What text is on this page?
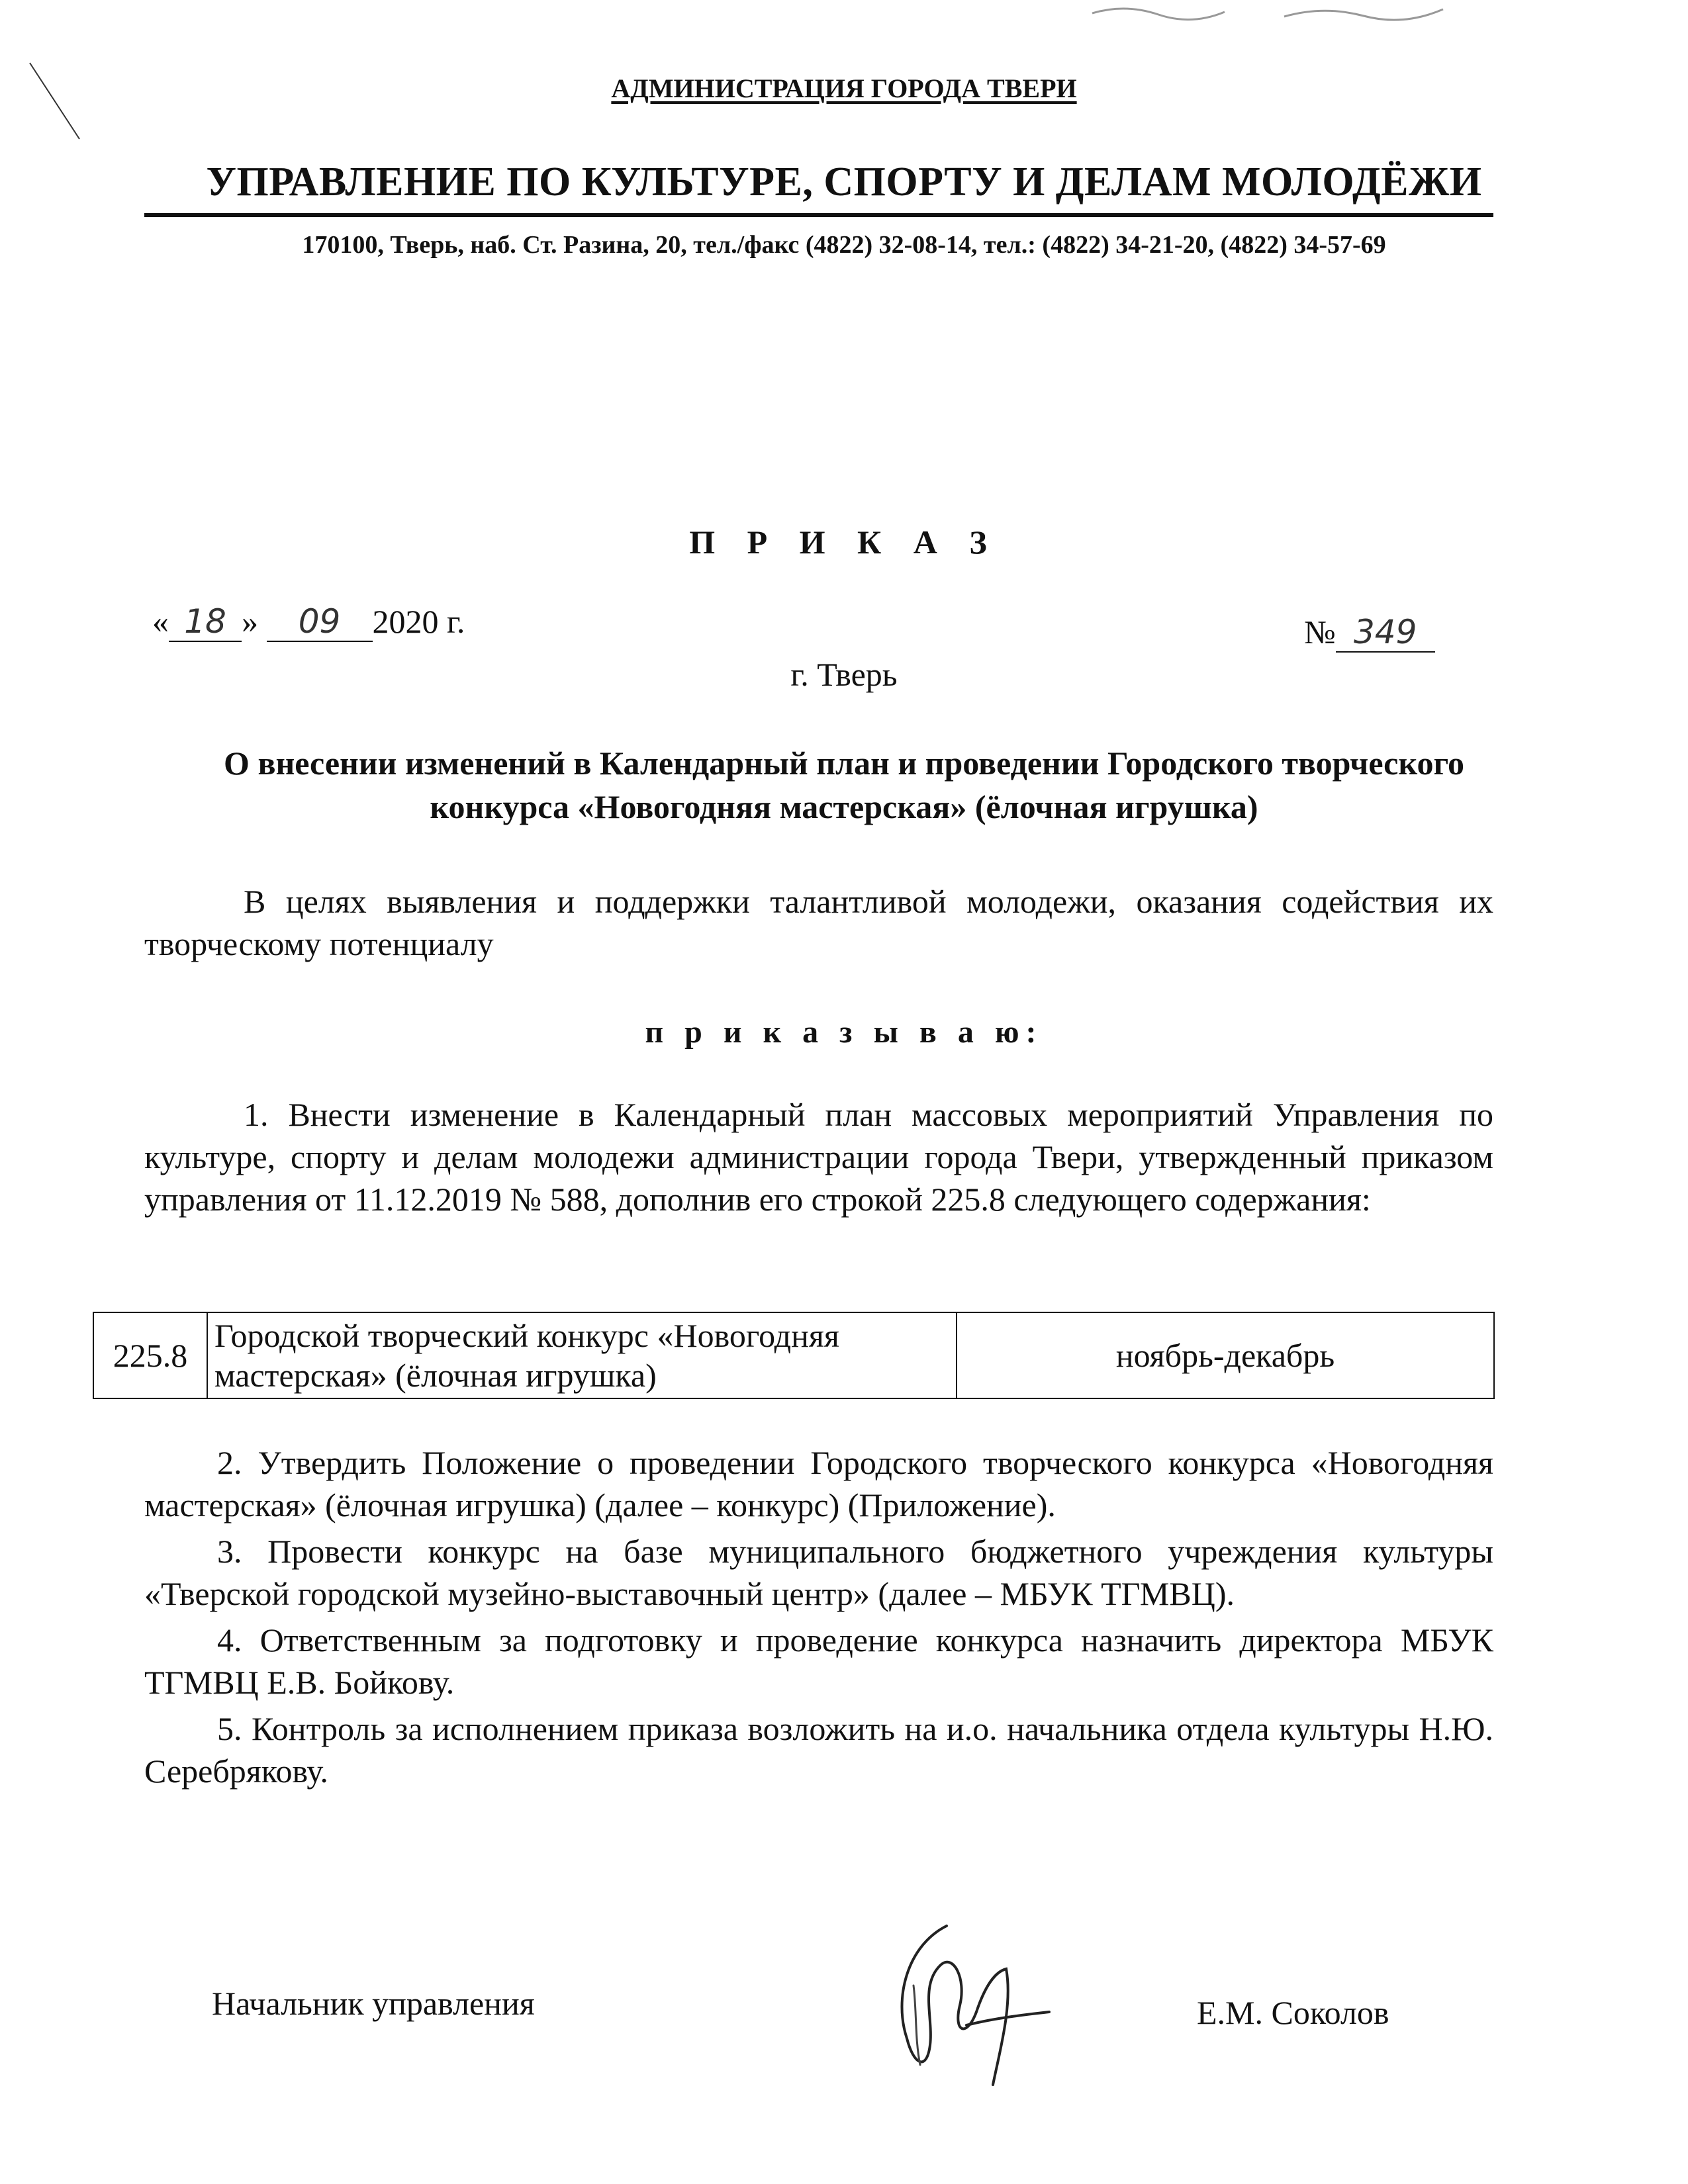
АДМИНИСТРАЦИЯ ГОРОДА ТВЕРИ
УПРАВЛЕНИЕ ПО КУЛЬТУРЕ, СПОРТУ И ДЕЛАМ МОЛОДЁЖИ
170100, Тверь, наб. Ст. Разина, 20, тел./факс (4822) 32-08-14, тел.: (4822) 34-21-20, (4822) 34-57-69
П Р И К А З
« 18 » 09 2020 г.	№ 349
г. Тверь
О внесении изменений в Календарный план и проведении Городского творческого конкурса «Новогодняя мастерская» (ёлочная игрушка)
В целях выявления и поддержки талантливой молодежи, оказания содействия их творческому потенциалу
п р и к а з ы в а ю:
1. Внести изменение в Календарный план массовых мероприятий Управления по культуре, спорту и делам молодежи администрации города Твери, утвержденный приказом управления от 11.12.2019 № 588, дополнив его строкой 225.8 следующего содержания:
225.8	Городской творческий конкурс «Новогодняя мастерская» (ёлочная игрушка)	ноябрь-декабрь

2. Утвердить Положение о проведении Городского творческого конкурса «Новогодняя мастерская» (ёлочная игрушка) (далее – конкурс) (Приложение).

3. Провести конкурс на базе муниципального бюджетного учреждения культуры «Тверской городской музейно-выставочный центр» (далее – МБУК ТГМВЦ).

4. Ответственным за подготовку и проведение конкурса назначить директора МБУК ТГМВЦ Е.В. Бойкову.

5. Контроль за исполнением приказа возложить на и.о. начальника отдела культуры Н.Ю. Серебрякову.

Начальник управления	Е.М. Соколов
